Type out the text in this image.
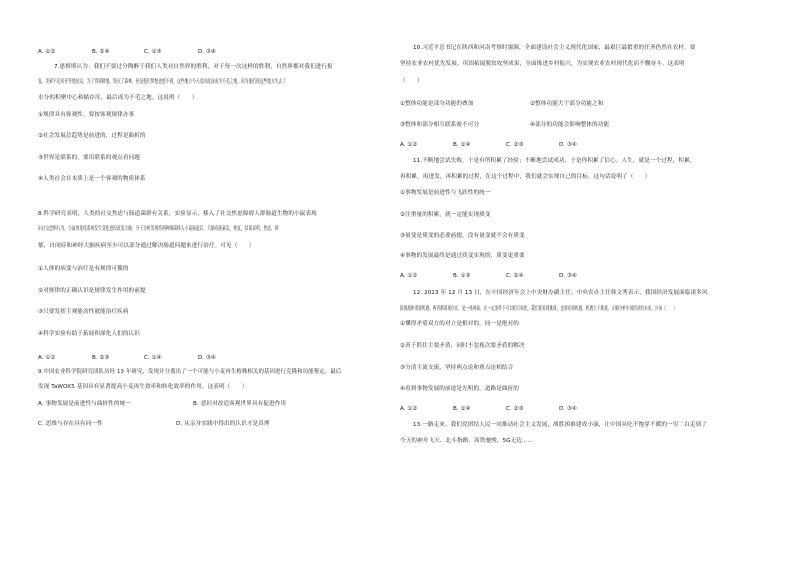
A. ①②	B. ②④	C. ①③	D. ③④
7.恩格斯认为：我们不要过分陶醉于我们人类对自然界的胜利，对于每一次这样的胜利，自然界都对我们进行报
复。美索不达米亚等地居民，为了得到耕地，毁灭了森林，但是他们梦想也想不到，这些地方今天竟因此而成为不毛之地，因为他们使这些地方失去了
水分的积聚中心和储存库，最后成为不毛之地。这说明（　　）
①规律具有客观性，要按客观规律办事
②社会发展总趋势是前进的，过程是曲折的
③世界是联系的，要用联系的观点看问题
④人类社会在本质上是一个客观的物质体系
8.科学研究表明，人类的社交焦虑与肠道菌群有关系，实验显示，移入了社交焦虑障碍人群肠道生物的小鼠表现
出社交恐惧行为，小鼠的免疫系统发生变化进而改变大脑，分子分析发现将两种细菌移入小鼠肠道后，大脑功能紊乱，恢复，结果表明，焦虑、抑
郁，自闭症和神经大脑疾病至少可以部分通过解决肠道问题来进行治疗。可见（　　）
①人体的病变与治疗是有规律可循的
②对规律的正确认识是规律发生作用的前提
③只要发挥主观能动性就能治疗疾病
④科学实验有助于拓展和深化人们的认识
A. ①②	B. ②③	C. ①④	D. ③④
9.中国农业科学院研究团队历经 13 年研究，发现并分离出了一个可能与小麦再生植株相关的基因进行克隆和功能鉴定，最后
发现 TaWOX5 基因具有显著提高小麦再生效率和转化效率的作用。这表明（　　）
A. 事物发展是前进性与曲折性的统一	B. 意识对改造客观世界具有促进作用
C. 思维与存在具有同一性	D. 从亲身实践中得出的认识才是真理
10.习近平总书记在陕西和河南考察时强调，全面建设社会主义现代化国家，最艰巨最繁重的任务仍然在农村。要
坚持农业农村优先发展，巩固拓展脱贫攻坚成果，全面推进乡村振兴，为实现农业农村现代化而不懈奋斗。这表明
（　　）
①整体功能是部分功能的叠加	②整体功能大于部分功能之和
③整体和部分相互联系密不可分	④部分的功能会影响整体的功能
A. ①②	B. ①④	C. ②③	D. ③④
11.不断地尝试失败，于是有所积累了经验；不断地尝试成功，于是你积累了信心。人生，就是一个过程，积累，
再积累，再进发，再积累的过程，在这个过程中，我们就会实现自己的目标。这句话说明了（　　）
①事物发展是前进性与飞跃性的统一
②注重量的积累，就一定能实现质变
③量变是质变的必要前提，没有量变就不会有质变
④事物的发展最终是通过质变实现的，质变更重要
A. ①②	B. ①③	C. ②④	D. ③④
12. 2023 年 12 月 13 日，在中国经济年会上中央财办副主任、中央农办主任韩文秀表示，我国经济发展面临诸多风
险挑战和重要机遇，两者都客观存在，是一体两面，在一定条件下可以相互转化，我们要看到挑战，也要看到机遇，机遇大于挑战。正确分析中国经济的未来，应该（　　）
①懂得矛盾双方的对立是相对的，同一是绝对的
②善于抓住主要矛盾，同时不忽视次要矛盾的解决
③分清主流支流，坚持两点论和重点论相结合
④看到事物发展的前途是光明的，道路是曲折的
A. ①②	B. ①④	C. ②③	D. ③④
13.一路走来，我们党团结人民一同推动社会主义发展，战胜困难建成小康，让中国从吃不饱穿不暖的一穷二白走到了
今天的神舟飞天、北斗指路、高铁驰骋，5G无边……
